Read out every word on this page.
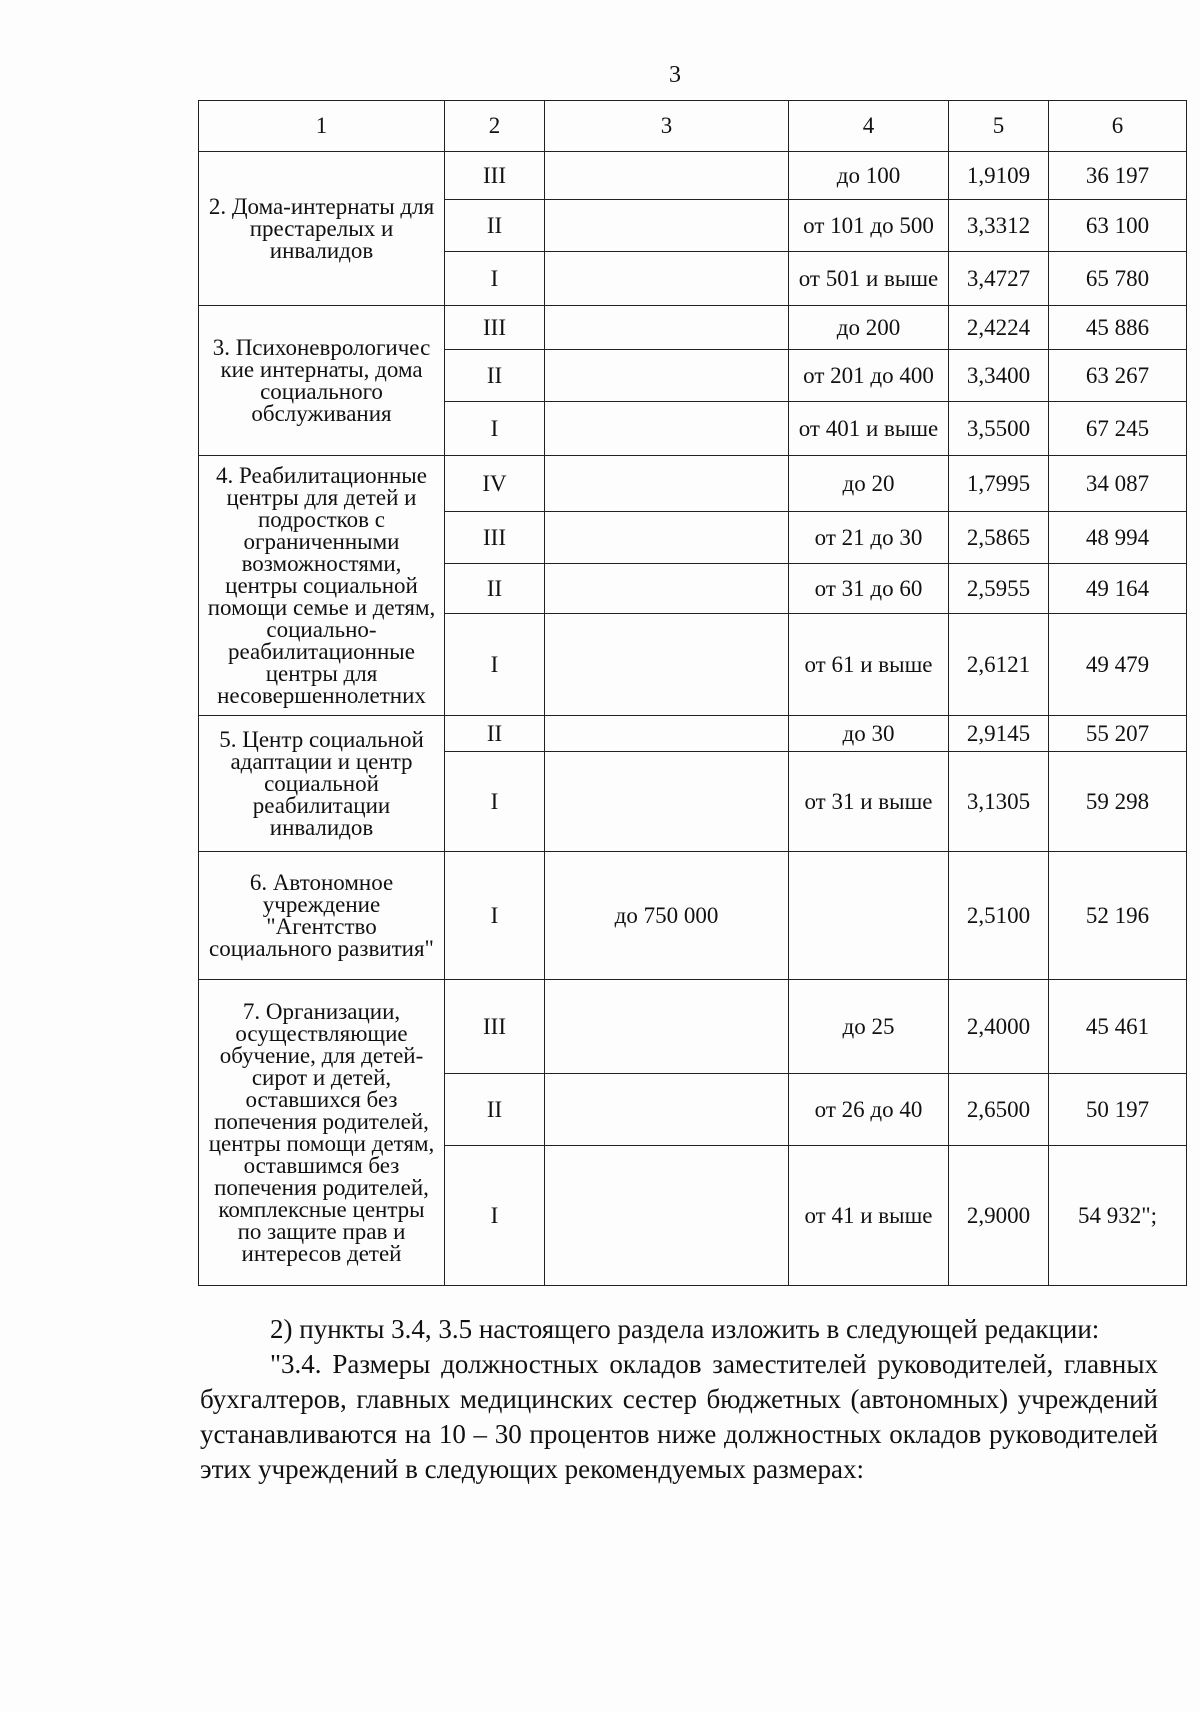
3
1	2	3	4	5	6
2. Дома-интернаты для престарелых и инвалидов	III		до 100	1,9109	36 197
	II		от 101 до 500	3,3312	63 100
	I		от 501 и выше	3,4727	65 780
3. Психоневрологичес кие интернаты, дома социального обслуживания	III		до 200	2,4224	45 886
	II		от 201 до 400	3,3400	63 267
	I		от 401 и выше	3,5500	67 245
4. Реабилитационные центры для детей и подростков с ограниченными возможностями, центры социальной помощи семье и детям, социально-реабилитационные центры для несовершеннолетних	IV		до 20	1,7995	34 087
	III		от 21 до 30	2,5865	48 994
	II		от 31 до 60	2,5955	49 164
	I		от 61 и выше	2,6121	49 479
5. Центр социальной адаптации и центр социальной реабилитации инвалидов	II		до 30	2,9145	55 207
	I		от 31 и выше	3,1305	59 298
6. Автономное учреждение "Агентство социального развития"	I	до 750 000		2,5100	52 196
7. Организации, осуществляющие обучение, для детей-сирот и детей, оставшихся без попечения родителей, центры помощи детям, оставшимся без попечения родителей, комплексные центры по защите прав и интересов детей	III		до 25	2,4000	45 461
	II		от 26 до 40	2,6500	50 197
	I		от 41 и выше	2,9000	54 932";

2) пункты 3.4, 3.5 настоящего раздела изложить в следующей редакции:

"3.4. Размеры должностных окладов заместителей руководителей, главных бухгалтеров, главных медицинских сестер бюджетных (автономных) учреждений устанавливаются на 10 – 30 процентов ниже должностных окладов руководителей этих учреждений в следующих рекомендуемых размерах:
